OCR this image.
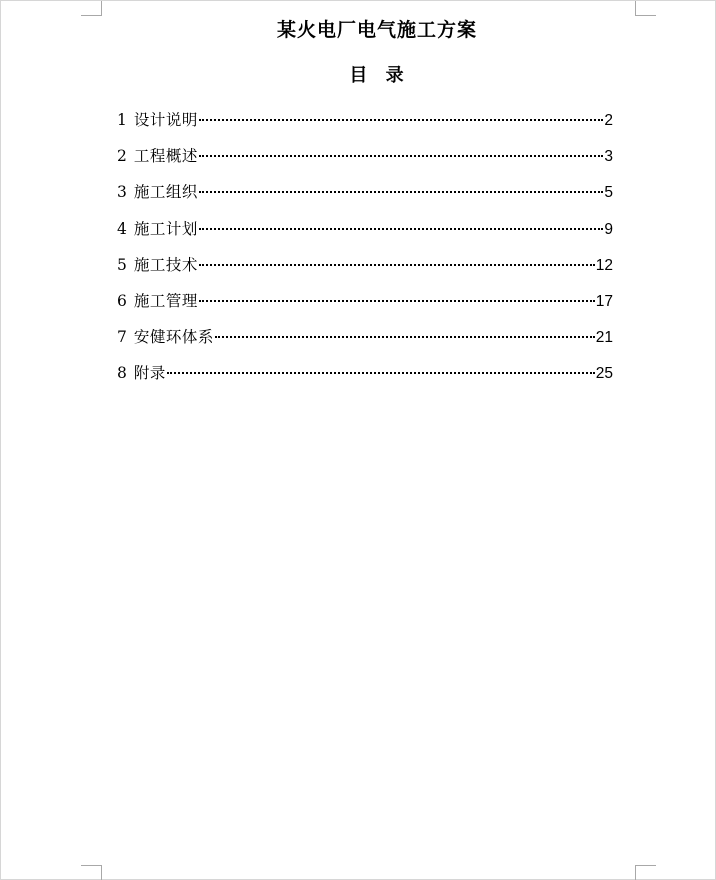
某火电厂电气施工方案
目 录
1 设计说明	2
2 工程概述	3
3 施工组织	5
4 施工计划	9
5 施工技术	12
6 施工管理	17
7 安健环体系	21
8 附录	25
